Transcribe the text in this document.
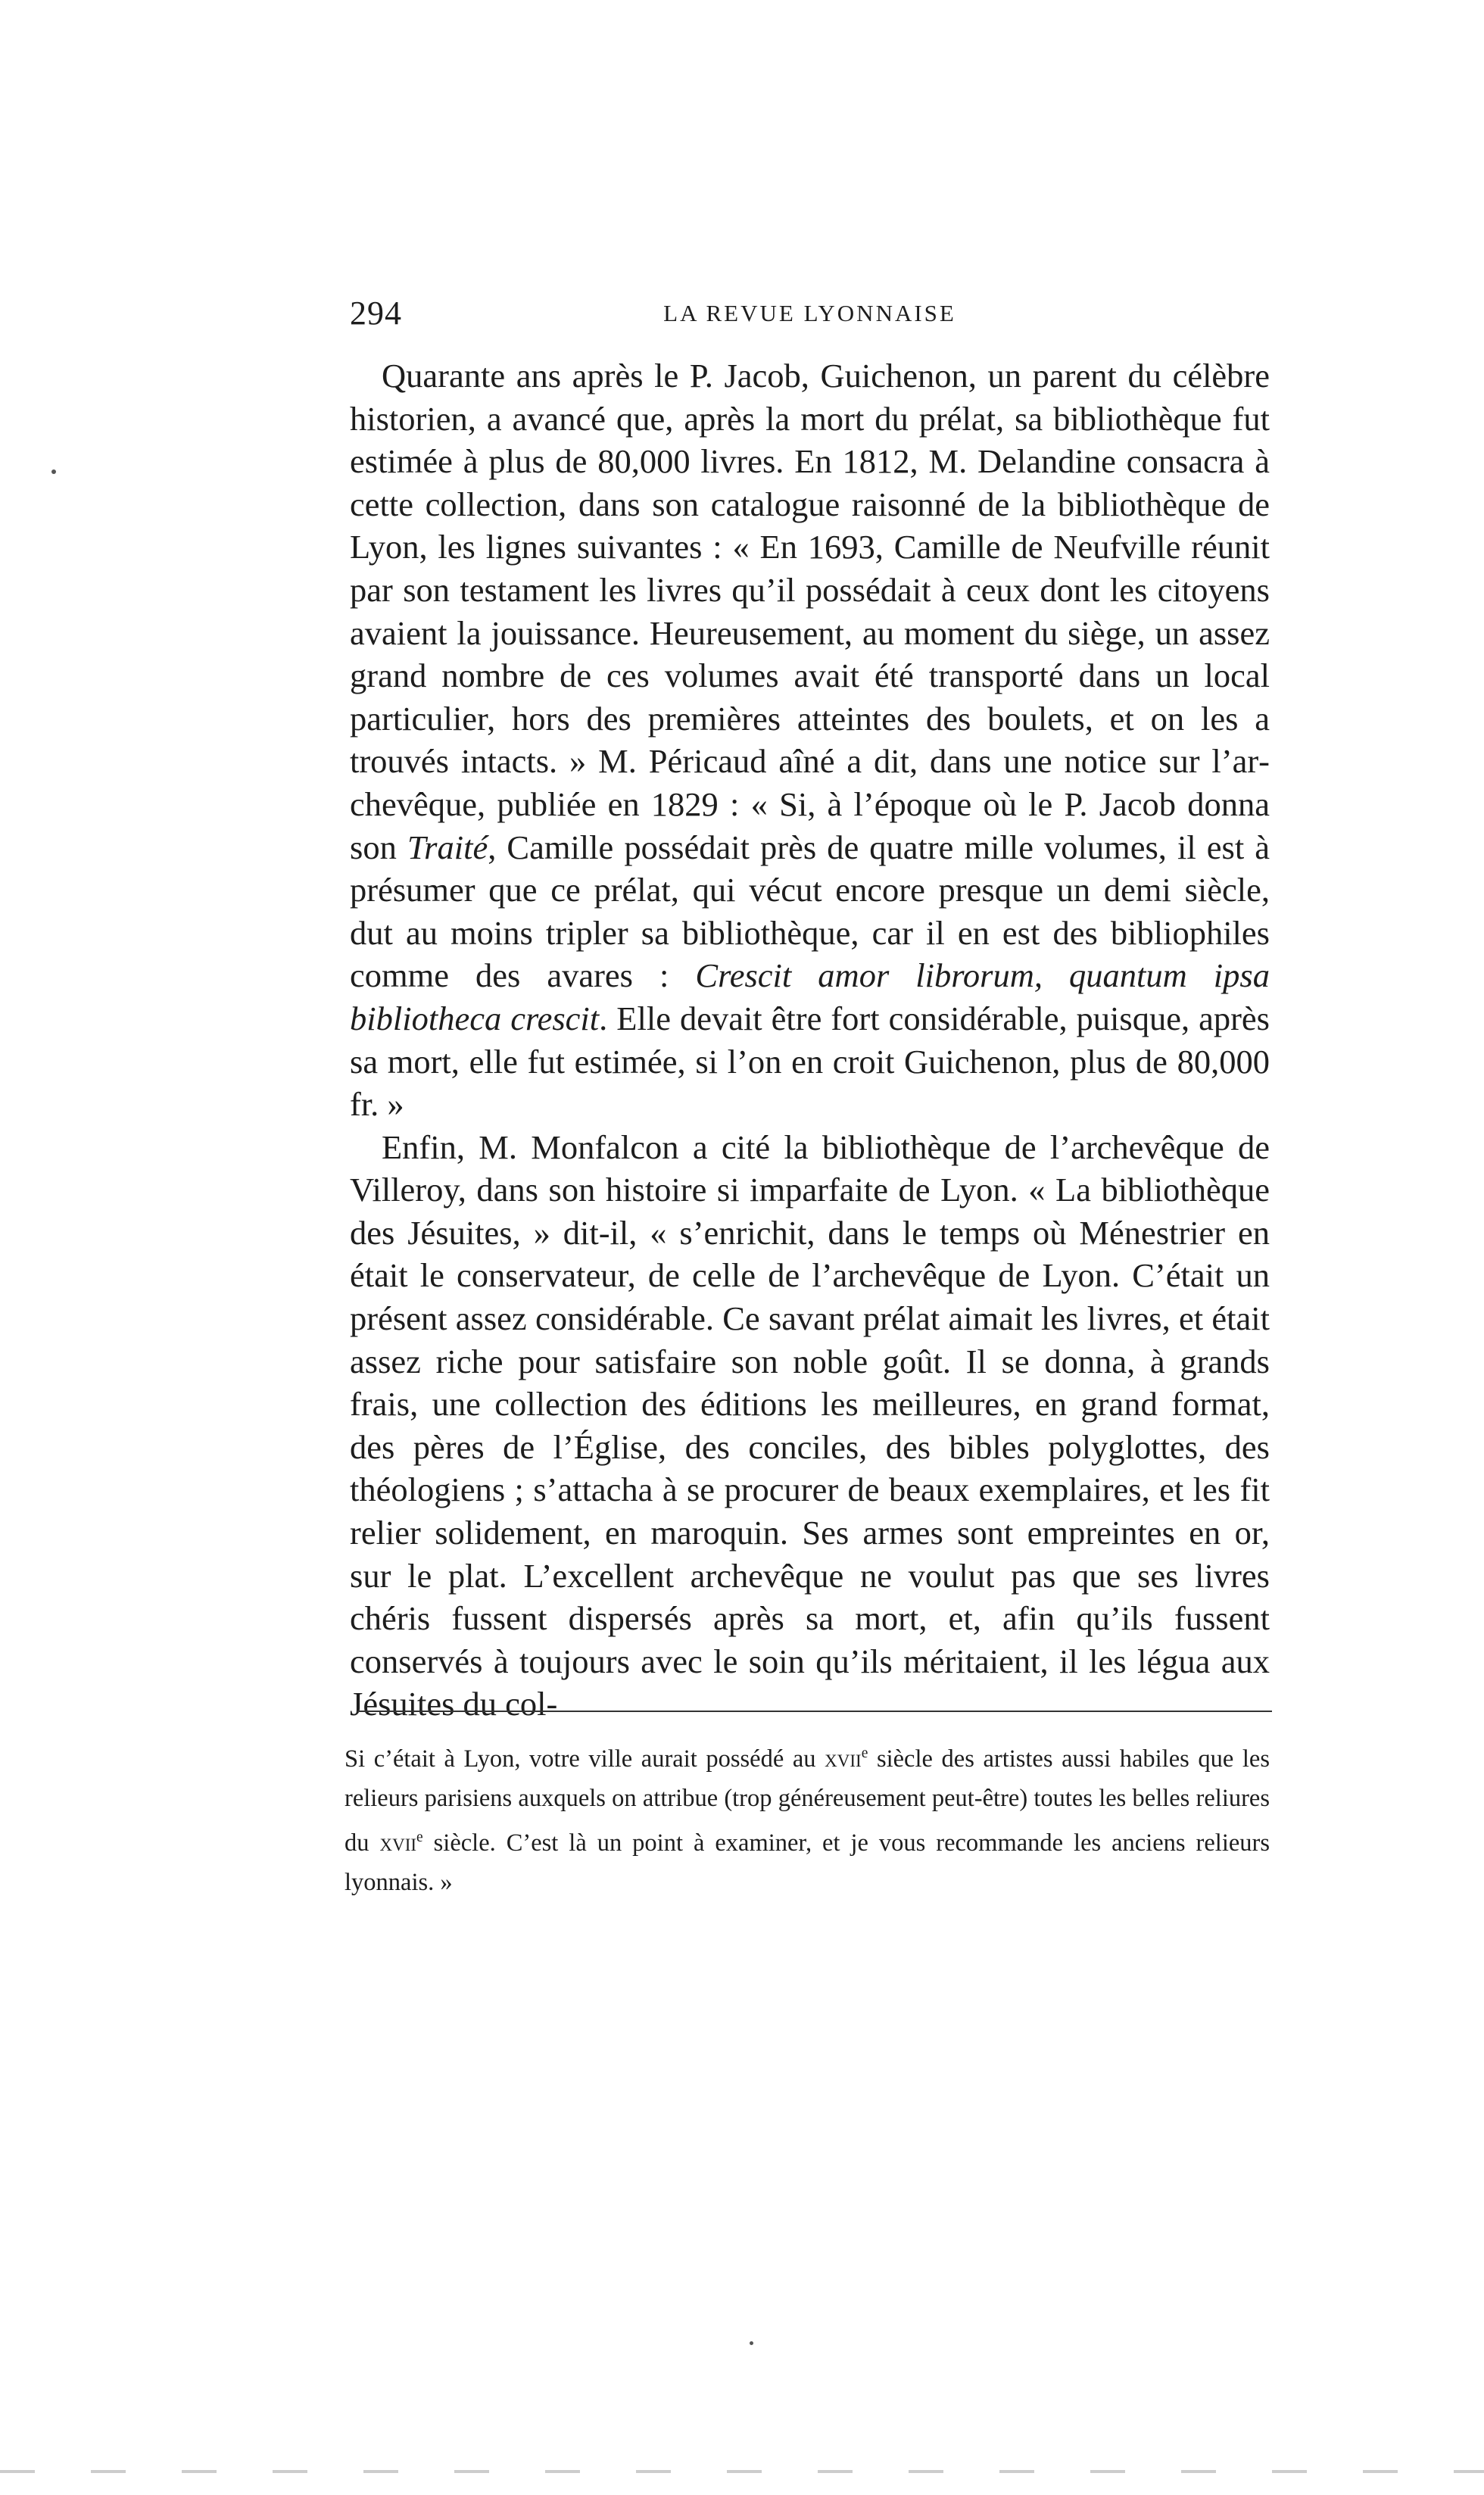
294	LA REVUE LYONNAISE

Quarante ans après le P. Jacob, Guichenon, un parent du célèbre historien, a avancé que, après la mort du prélat, sa bibliothèque fut estimée à plus de 80,000 livres. En 1812, M. Delandine consacra à cette collection, dans son catalogue raisonné de la bibliothèque de Lyon, les lignes suivantes : « En 1693, Camille de Neufville réunit par son testament les livres qu’il possédait à ceux dont les citoyens avaient la jouissance. Heureusement, au moment du siège, un assez grand nombre de ces volumes avait été transporté dans un local particulier, hors des premières atteintes des boulets, et on les a trouvés intacts. » M. Péricaud aîné a dit, dans une notice sur l’archevêque, publiée en 1829 : « Si, à l’époque où le P. Jacob donna son Traité, Camille possédait près de quatre mille volumes, il est à présumer que ce prélat, qui vécut encore presque un demi siècle, dut au moins tripler sa bibliothèque, car il en est des bibliophiles comme des avares : Crescit amor librorum, quantum ipsa bibliotheca crescit. Elle devait être fort considérable, puisque, après sa mort, elle fut estimée, si l’on en croit Guichenon, plus de 80,000 fr. »

Enfin, M. Monfalcon a cité la bibliothèque de l’archevêque de Villeroy, dans son histoire si imparfaite de Lyon. « La bibliothèque des Jésuites, » dit-il, « s’enrichit, dans le temps où Ménestrier en était le conservateur, de celle de l’archevêque de Lyon. C’était un présent assez considérable. Ce savant prélat aimait les livres, et était assez riche pour satisfaire son noble goût. Il se donna, à grands frais, une collection des éditions les meilleures, en grand format, des pères de l’Église, des conciles, des bibles polyglottes, des théologiens ; s’attacha à se procurer de beaux exemplaires, et les fit relier solidement, en maroquin. Ses armes sont empreintes en or, sur le plat. L’excellent archevêque ne voulut pas que ses livres chéris fussent dispersés après sa mort, et, afin qu’ils fussent conservés à toujours avec le soin qu’ils méritaient, il les légua aux Jésuites du col-

Si c’était à Lyon, votre ville aurait possédé au xvii$^e$ siècle des artistes aussi habiles que les relieurs parisiens auxquels on attribue (trop généreusement peut-être) toutes les belles reliures du xvii$^e$ siècle. C’est là un point à examiner, et je vous recommande les anciens relieurs lyonnais. »
